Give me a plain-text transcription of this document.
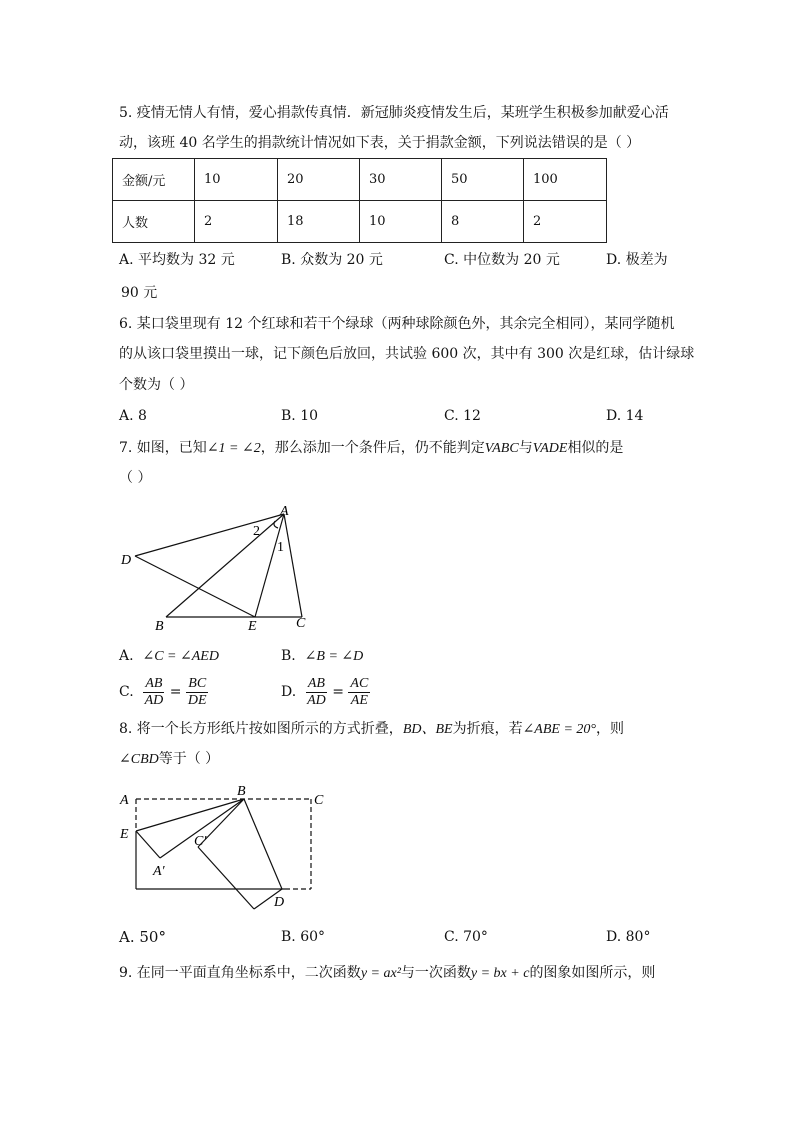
5. 疫情无情人有情，爱心捐款传真情．新冠肺炎疫情发生后，某班学生积极参加献爱心活
动，该班 40 名学生的捐款统计情况如下表，关于捐款金额，下列说法错误的是（ ）
金额/元	10	20	30	50	100
人数	2	18	10	8	2
A. 平均数为 32 元	B. 众数为 20 元	C. 中位数为 20 元	D. 极差为
90 元
6. 某口袋里现有 12 个红球和若干个绿球（两种球除颜色外，其余完全相同），某同学随机
的从该口袋里摸出一球，记下颜色后放回，共试验 600 次，其中有 300 次是红球，估计绿球
个数为（ ）
A. 8	B. 10	C. 12	D. 14
7. 如图，已知∠1 = ∠2，那么添加一个条件后，仍不能判定VABC与VADE相似的是
（ ）
A
D
B	E	C
2
1
A. ∠C = ∠AED	B. ∠B = ∠D
C. $\frac{AB}{AD} = \frac{BC}{DE}$	D. $\frac{AB}{AD} = \frac{AC}{AE}$
8. 将一个长方形纸片按如图所示的方式折叠，BD、BE为折痕，若∠ABE = 20°，则
∠CBD等于（ ）
A
B
C
E
A′
C′
D
A. 50°	B. 60°	C. 70°	D. 80°
9. 在同一平面直角坐标系中，二次函数y = ax²与一次函数y = bx + c的图象如图所示，则
